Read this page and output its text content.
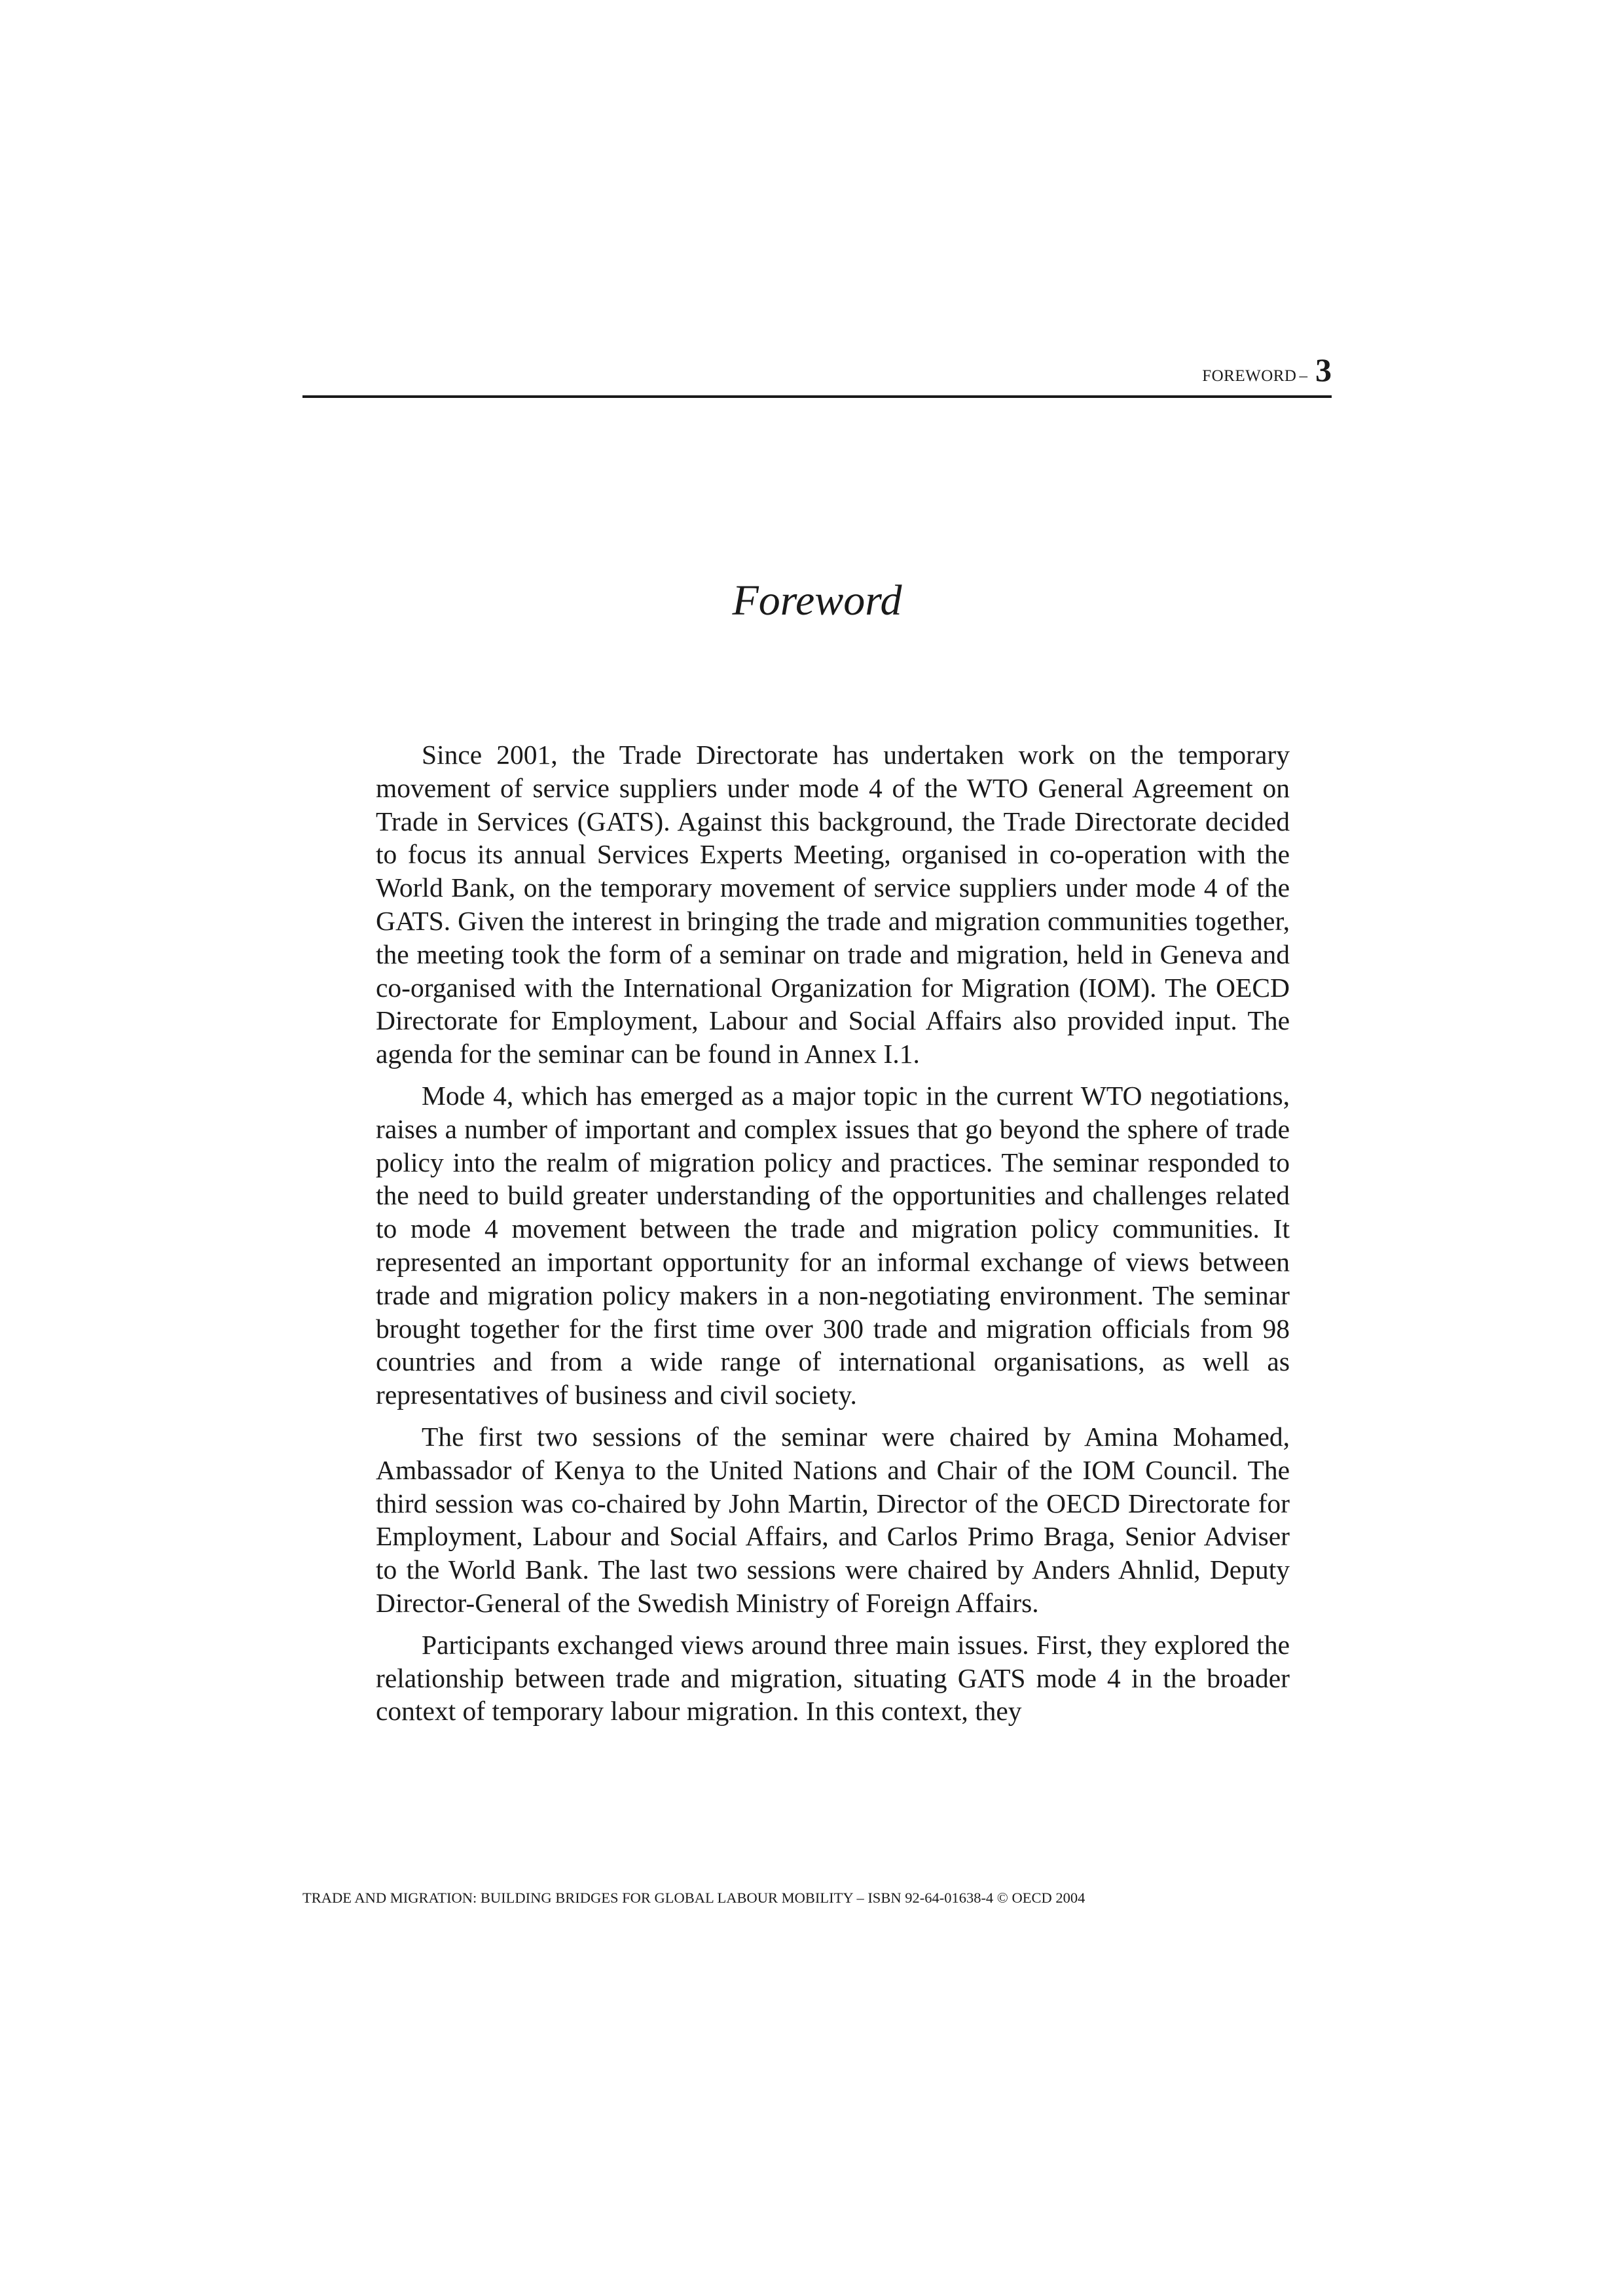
FOREWORD – 3
Foreword

Since 2001, the Trade Directorate has undertaken work on the temporary movement of service suppliers under mode 4 of the WTO General Agreement on Trade in Services (GATS). Against this background, the Trade Directorate decided to focus its annual Services Experts Meeting, organised in co-operation with the World Bank, on the temporary movement of service suppliers under mode 4 of the GATS. Given the interest in bringing the trade and migration communities together, the meeting took the form of a seminar on trade and migration, held in Geneva and co-organised with the International Organization for Migration (IOM). The OECD Directorate for Employment, Labour and Social Affairs also provided input. The agenda for the seminar can be found in Annex I.1.

Mode 4, which has emerged as a major topic in the current WTO negotiations, raises a number of important and complex issues that go beyond the sphere of trade policy into the realm of migration policy and practices. The seminar responded to the need to build greater understanding of the opportunities and challenges related to mode 4 movement between the trade and migration policy communities. It represented an important opportunity for an informal exchange of views between trade and migration policy makers in a non-negotiating environment. The seminar brought together for the first time over 300 trade and migration officials from 98 countries and from a wide range of international organisations, as well as representatives of business and civil society.

The first two sessions of the seminar were chaired by Amina Mohamed, Ambassador of Kenya to the United Nations and Chair of the IOM Council. The third session was co-chaired by John Martin, Director of the OECD Directorate for Employment, Labour and Social Affairs, and Carlos Primo Braga, Senior Adviser to the World Bank. The last two sessions were chaired by Anders Ahnlid, Deputy Director-General of the Swedish Ministry of Foreign Affairs.

Participants exchanged views around three main issues. First, they explored the relationship between trade and migration, situating GATS mode 4 in the broader context of temporary labour migration. In this context, they

TRADE AND MIGRATION: BUILDING BRIDGES FOR GLOBAL LABOUR MOBILITY – ISBN 92-64-01638-4 © OECD 2004
